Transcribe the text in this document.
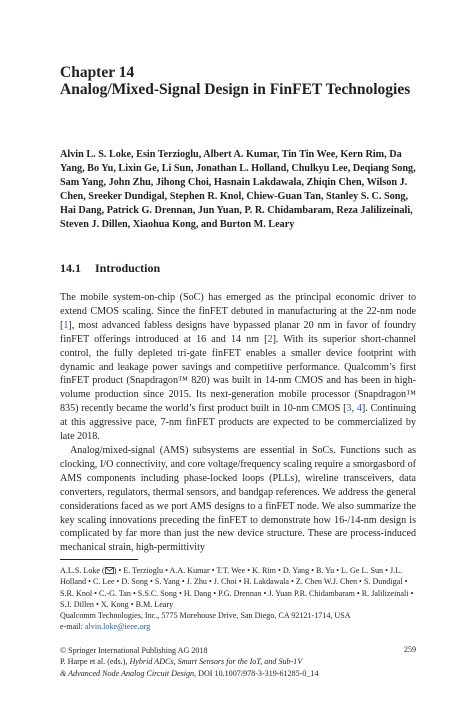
Chapter 14
Analog/Mixed-Signal Design in FinFET Technologies
Alvin L. S. Loke, Esin Terzioglu, Albert A. Kumar, Tin Tin Wee, Kern Rim, Da Yang, Bo Yu, Lixin Ge, Li Sun, Jonathan L. Holland, Chulkyu Lee, Deqiang Song, Sam Yang, John Zhu, Jihong Choi, Hasnain Lakdawala, Zhiqin Chen, Wilson J. Chen, Sreeker Dundigal, Stephen R. Knol, Chiew-Guan Tan, Stanley S. C. Song, Hai Dang, Patrick G. Drennan, Jun Yuan, P. R. Chidambaram, Reza Jalilizeinali, Steven J. Dillen, Xiaohua Kong, and Burton M. Leary
14.1 Introduction

The mobile system-on-chip (SoC) has emerged as the principal economic driver to extend CMOS scaling. Since the finFET debuted in manufacturing at the 22-nm node [1], most advanced fabless designs have bypassed planar 20 nm in favor of foundry finFET offerings introduced at 16 and 14 nm [2]. With its superior short-channel control, the fully depleted tri-gate finFET enables a smaller device footprint with dynamic and leakage power savings and competitive performance. Qualcomm’s first finFET product (Snapdragon™ 820) was built in 14-nm CMOS and has been in high-volume production since 2015. Its next-generation mobile processor (Snapdragon™ 835) recently became the world’s first product built in 10-nm CMOS [3, 4]. Continuing at this aggressive pace, 7-nm finFET products are expected to be commercialized by late 2018.

Analog/mixed-signal (AMS) subsystems are essential in SoCs. Functions such as clocking, I/O connectivity, and core voltage/frequency scaling require a smorgasbord of AMS components including phase-locked loops (PLLs), wireline transceivers, data converters, regulators, thermal sensors, and bandgap references. We address the general considerations faced as we port AMS designs to a finFET node. We also summarize the key scaling innovations preceding the finFET to demonstrate how 16-/14-nm design is complicated by far more than just the new device structure. These are process-induced mechanical strain, high-permittivity

A.L.S. Loke ( ) • E. Terzioglu • A.A. Kumar • T.T. Wee • K. Rim • D. Yang • B. Yu • L. Ge L. Sun • J.L. Holland • C. Lee • D. Song • S. Yang • J. Zhu • J. Choi • H. Lakdawala • Z. Chen W.J. Chen • S. Dundigal • S.R. Knol • C.-G. Tan • S.S.C. Song • H. Dang • P.G. Drennan • J. Yuan P.R. Chidambaram • R. Jalilizeinali • S.J. Dillen • X. Kong • B.M. Leary
Qualcomm Technologies, Inc., 5775 Morehouse Drive, San Diego, CA 92121-1714, USA
e-mail: alvin.loke@ieee.org
© Springer International Publishing AG 2018
P. Harpe et al. (eds.), Hybrid ADCs, Smart Sensors for the IoT, and Sub-1V
& Advanced Node Analog Circuit Design, DOI 10.1007/978-3-319-61285-0_14
259
